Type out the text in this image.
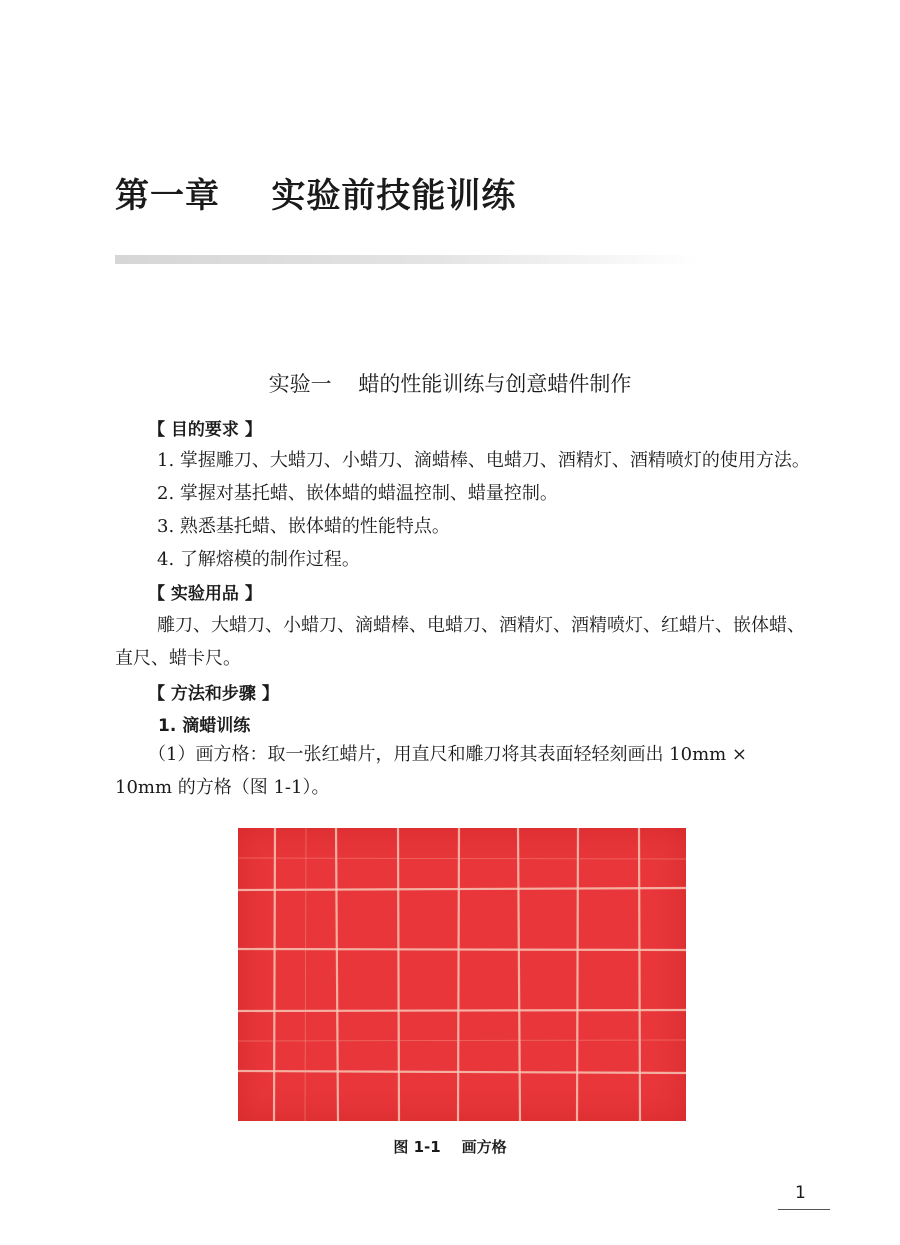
第一章    实验前技能训练
实验一    蜡的性能训练与创意蜡件制作
【 目的要求 】
1. 掌握雕刀、大蜡刀、小蜡刀、滴蜡棒、电蜡刀、酒精灯、酒精喷灯的使用方法。
2. 掌握对基托蜡、嵌体蜡的蜡温控制、蜡量控制。
3. 熟悉基托蜡、嵌体蜡的性能特点。
4. 了解熔模的制作过程。
【 实验用品 】
雕刀、大蜡刀、小蜡刀、滴蜡棒、电蜡刀、酒精灯、酒精喷灯、红蜡片、嵌体蜡、
直尺、蜡卡尺。
【 方法和步骤 】
1. 滴蜡训练
（1）画方格：取一张红蜡片，用直尺和雕刀将其表面轻轻刻画出 10mm ×
10mm 的方格（图 1-1）。
图 1-1    画方格
1
